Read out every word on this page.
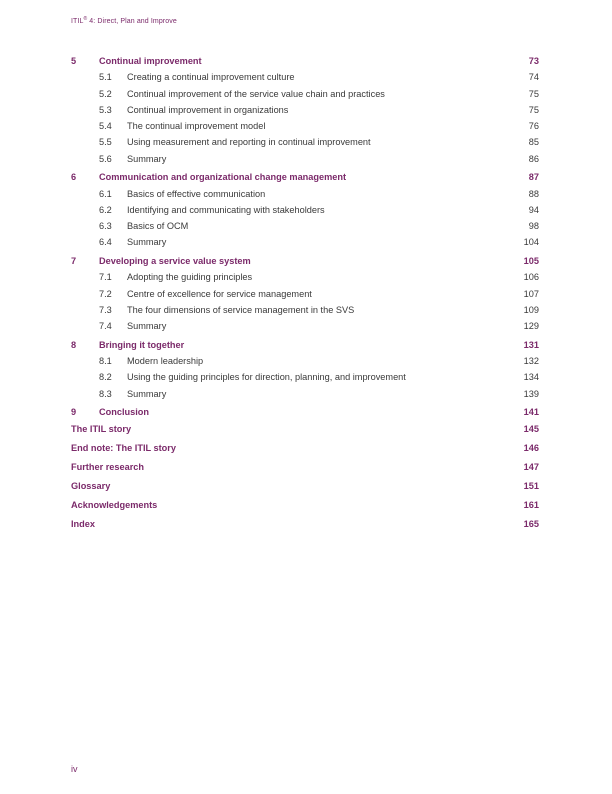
ITIL® 4: Direct, Plan and Improve
5 Continual improvement	73
5.1 Creating a continual improvement culture	74
5.2 Continual improvement of the service value chain and practices	75
5.3 Continual improvement in organizations	75
5.4 The continual improvement model	76
5.5 Using measurement and reporting in continual improvement	85
5.6 Summary	86
6 Communication and organizational change management	87
6.1 Basics of effective communication	88
6.2 Identifying and communicating with stakeholders	94
6.3 Basics of OCM	98
6.4 Summary	104
7 Developing a service value system	105
7.1 Adopting the guiding principles	106
7.2 Centre of excellence for service management	107
7.3 The four dimensions of service management in the SVS	109
7.4 Summary	129
8 Bringing it together	131
8.1 Modern leadership	132
8.2 Using the guiding principles for direction, planning, and improvement	134
8.3 Summary	139
9 Conclusion	141
The ITIL story	145
End note: The ITIL story	146
Further research	147
Glossary	151
Acknowledgements	161
Index	165
iv
